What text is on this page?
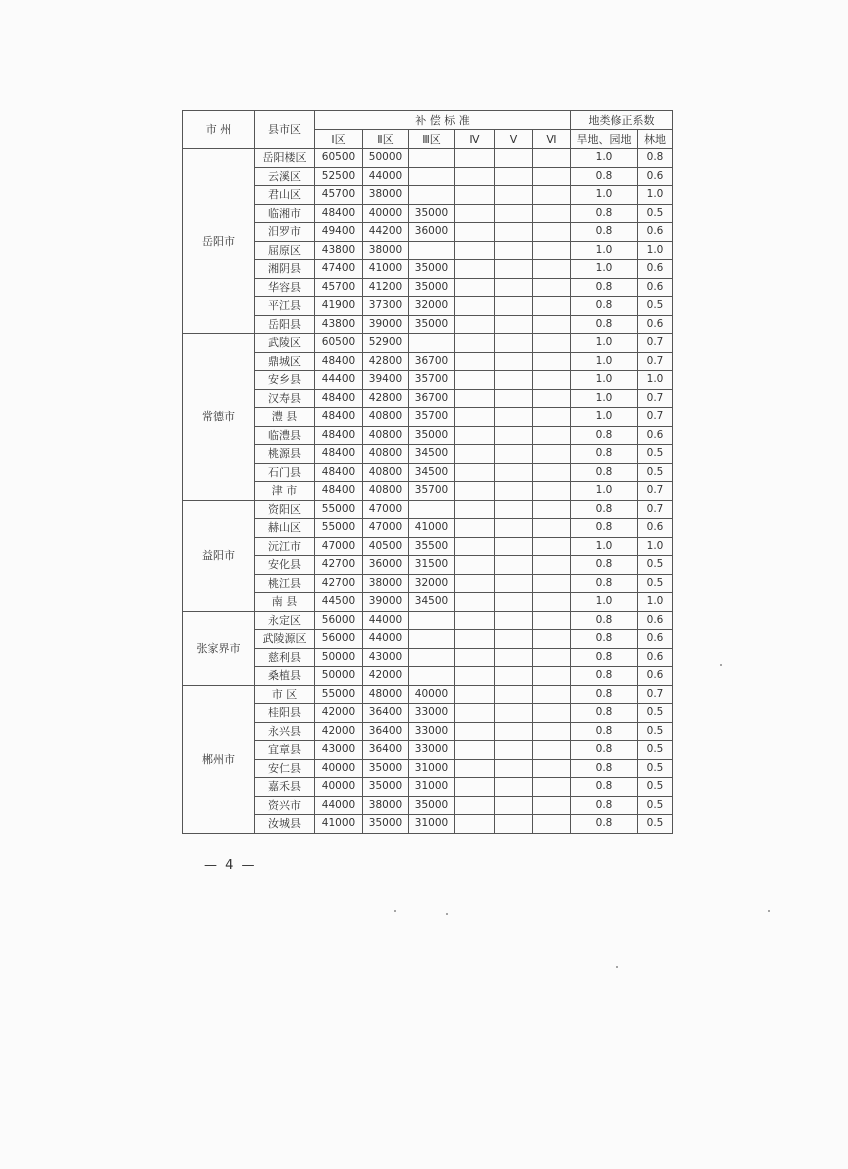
市 州	县市区	补 偿 标 准						地类修正系数	
		Ⅰ区	Ⅱ区	Ⅲ区	Ⅳ	Ⅴ	Ⅵ	旱地、园地	林地
岳阳市	岳阳楼区	60500	50000					1.0	0.8
	云溪区	52500	44000					0.8	0.6
	君山区	45700	38000					1.0	1.0
	临湘市	48400	40000	35000				0.8	0.5
	汨罗市	49400	44200	36000				0.8	0.6
	屈原区	43800	38000					1.0	1.0
	湘阴县	47400	41000	35000				1.0	0.6
	华容县	45700	41200	35000				0.8	0.6
	平江县	41900	37300	32000				0.8	0.5
	岳阳县	43800	39000	35000				0.8	0.6
常德市	武陵区	60500	52900					1.0	0.7
	鼎城区	48400	42800	36700				1.0	0.7
	安乡县	44400	39400	35700				1.0	1.0
	汉寿县	48400	42800	36700				1.0	0.7
	澧 县	48400	40800	35700				1.0	0.7
	临澧县	48400	40800	35000				0.8	0.6
	桃源县	48400	40800	34500				0.8	0.5
	石门县	48400	40800	34500				0.8	0.5
	津 市	48400	40800	35700				1.0	0.7
益阳市	资阳区	55000	47000					0.8	0.7
	赫山区	55000	47000	41000				0.8	0.6
	沅江市	47000	40500	35500				1.0	1.0
	安化县	42700	36000	31500				0.8	0.5
	桃江县	42700	38000	32000				0.8	0.5
	南 县	44500	39000	34500				1.0	1.0
张家界市	永定区	56000	44000					0.8	0.6
	武陵源区	56000	44000					0.8	0.6
	慈利县	50000	43000					0.8	0.6
	桑植县	50000	42000					0.8	0.6
郴州市	市 区	55000	48000	40000				0.8	0.7
	桂阳县	42000	36400	33000				0.8	0.5
	永兴县	42000	36400	33000				0.8	0.5
	宜章县	43000	36400	33000				0.8	0.5
	安仁县	40000	35000	31000				0.8	0.5
	嘉禾县	40000	35000	31000				0.8	0.5
	资兴市	44000	38000	35000				0.8	0.5
	汝城县	41000	35000	31000				0.8	0.5
— 4 —
